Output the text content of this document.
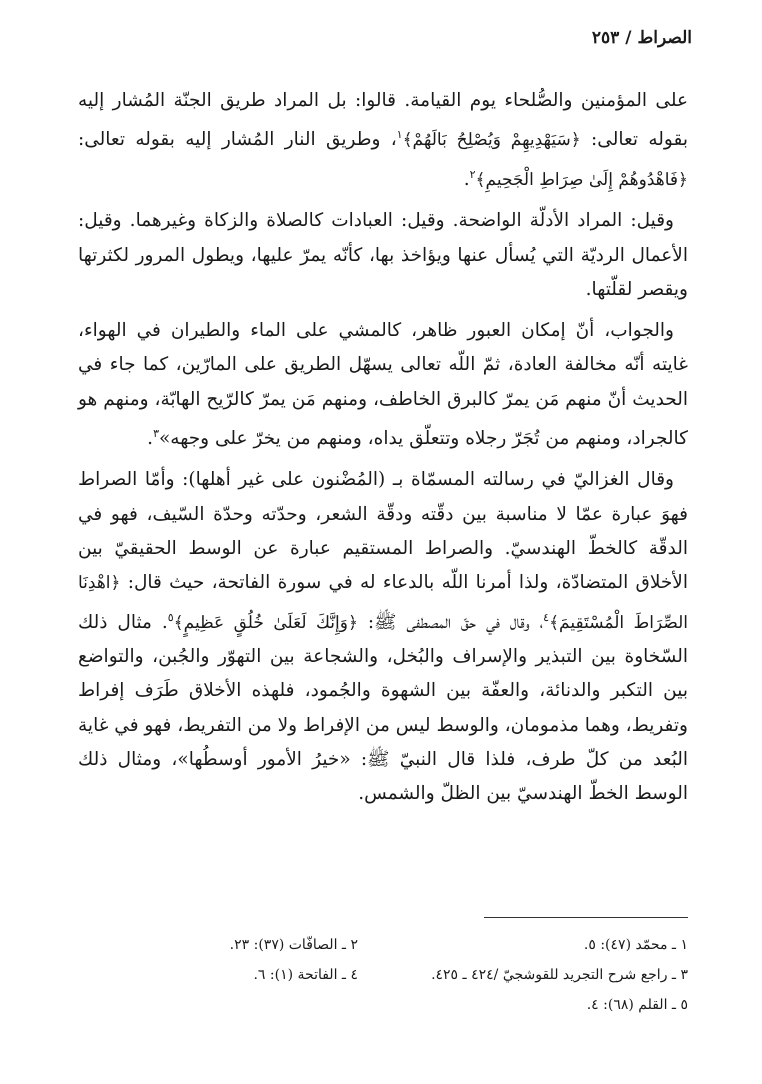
الصراط/٢٥٣

على المؤمنين والصُّلحاء يوم القيامة. قالوا: بل المراد طريق الجنّة المُشار إليه بقوله تعالى: ﴿سَيَهْدِيهِمْ وَيُصْلِحُ بَالَهُمْ﴾$^١$، وطريق النار المُشار إليه بقوله تعالى: ﴿فَاهْدُوهُمْ إِلَىٰ صِرَاطِ الْجَحِيمِ﴾$^٢$.

وقيل: المراد الأدلّة الواضحة. وقيل: العبادات كالصلاة والزكاة وغيرهما. وقيل: الأعمال الرديّة التي يُسأل عنها ويؤاخذ بها، كأنّه يمرّ عليها، ويطول المرور لكثرتها ويقصر لقلّتها.

والجواب، أنّ إمكان العبور ظاهر، كالمشي على الماء والطيران في الهواء، غايته أنّه مخالفة العادة، ثمّ اللّه تعالى يسهّل الطريق على المارّين، كما جاء في الحديث أنّ منهم مَن يمرّ كالبرق الخاطف، ومنهم مَن يمرّ كالرّيح الهابّة، ومنهم هو كالجراد، ومنهم من تُجَرّ رجلاه وتتعلّق يداه، ومنهم من يخرّ على وجهه»$^٣$.

وقال الغزاليّ في رسالته المسمّاة بـ (المُضْنون على غير أهلها): وأمّا الصراط فهوَ عبارة عمّا لا مناسبة بين دقّته ودقّة الشعر، وحدّته وحدّة السّيف، فهو في الدقّة كالخطّ الهندسيّ. والصراط المستقيم عبارة عن الوسط الحقيقيّ بين الأخلاق المتضادّة، ولذا أمرنا اللّه بالدعاء له في سورة الفاتحة، حيث قال: ﴿اهْدِنَا الصِّرَاطَ الْمُسْتَقِيمَ﴾$^٤$، وقال في حقّ المصطفى ﷺ: ﴿وَإِنَّكَ لَعَلَىٰ خُلُقٍ عَظِيمٍ﴾$^٥$. مثال ذلك السّخاوة بين التبذير والإسراف والبُخل، والشجاعة بين التهوّر والجُبن، والتواضع بين التكبر والدنائة، والعفّة بين الشهوة والجُمود، فلهذه الأخلاق طَرَف إفراط وتفريط، وهما مذمومان، والوسط ليس من الإفراط ولا من التفريط، فهو في غاية البُعد من كلّ طرف، فلذا قال النبيّ ﷺ: «خيرُ الأمور أوسطُها»، ومثال ذلك الوسط الخطّ الهندسيّ بين الظلّ والشمس.

١ ـ محمّد (٤٧): ٥.
٢ ـ الصافّات (٣٧): ٢٣.
٣ ـ راجع شرح التجريد للقوشجيّ /٤٢٤ ـ ٤٢٥.
٤ ـ الفاتحة (١): ٦.
٥ ـ القلم (٦٨): ٤.
